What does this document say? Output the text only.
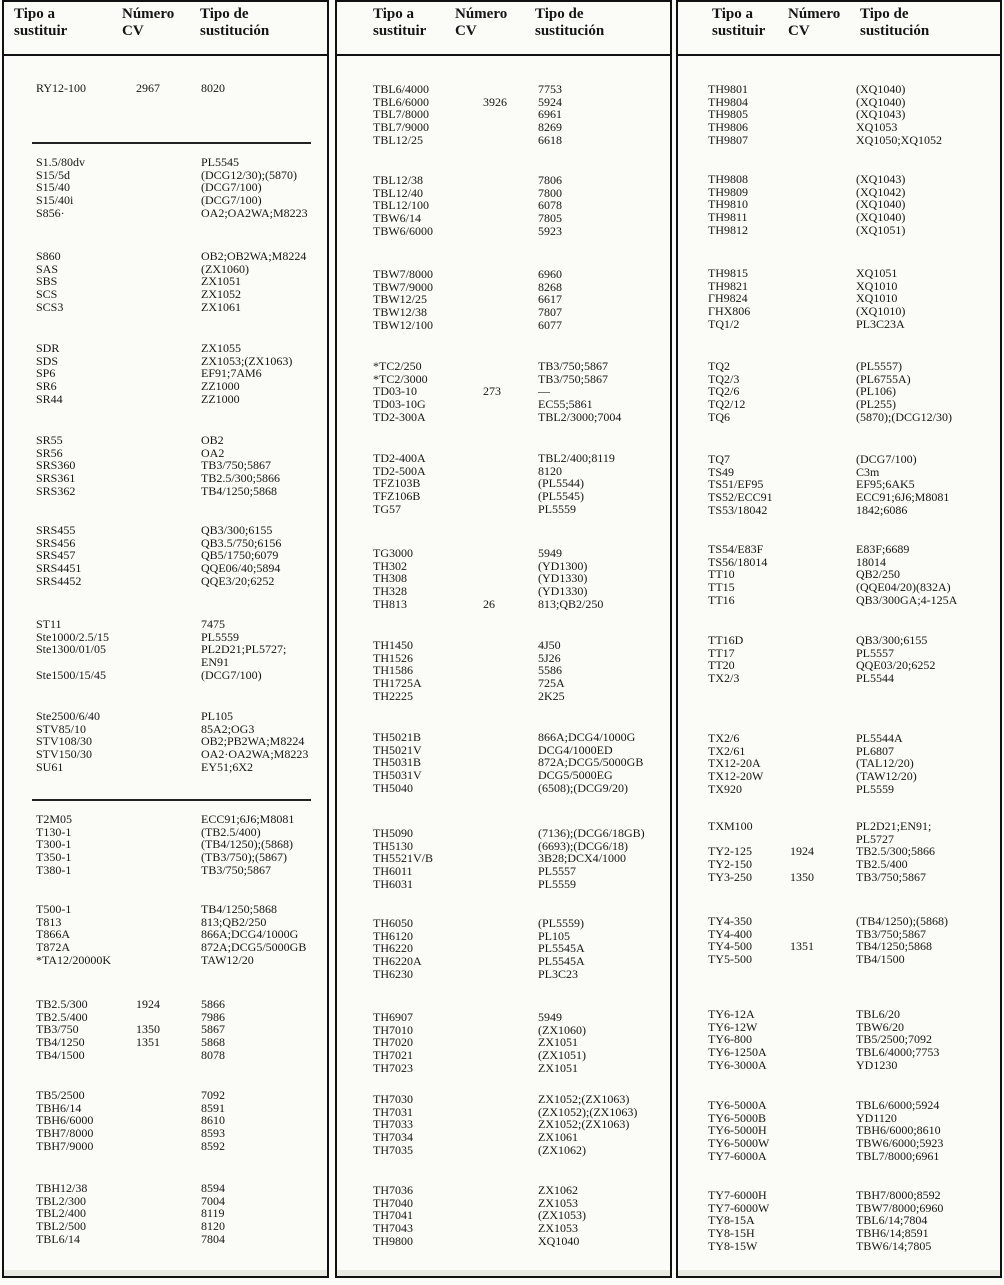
Tipo a
sustituir
Número
CV
Tipo de
sustitución
RY12-100	2967	8020
S1.5/80dv	PL5545
S15/5d	(DCG12/30);(5870)
S15/40	(DCG7/100)
S15/40i	(DCG7/100)
S856·	OA2;OA2WA;M8223
S860	OB2;OB2WA;M8224
SAS	(ZX1060)
SBS	ZX1051
SCS	ZX1052
SCS3	ZX1061
SDR	ZX1055
SDS	ZX1053;(ZX1063)
SP6	EF91;7AM6
SR6	ZZ1000
SR44	ZZ1000
SR55	OB2
SR56	OA2
SRS360	TB3/750;5867
SRS361	TB2.5/300;5866
SRS362	TB4/1250;5868
SRS455	QB3/300;6155
SRS456	QB3.5/750;6156
SRS457	QB5/1750;6079
SRS4451	QQE06/40;5894
SRS4452	QQE3/20;6252
ST11	7475
Ste1000/2.5/15	PL5559
Ste1300/01/05	PL2D21;PL5727;
EN91
Ste1500/15/45	(DCG7/100)
Ste2500/6/40	PL105
STV85/10	85A2;OG3
STV108/30	OB2;PB2WA;M8224
STV150/30	OA2·OA2WA;M8223
SU61	EY51;6X2
T2M05	ECC91;6J6;M8081
T130-1	(TB2.5/400)
T300-1	(TB4/1250);(5868)
T350-1	(TB3/750);(5867)
T380-1	TB3/750;5867
T500-1	TB4/1250;5868
T813	813;QB2/250
T866A	866A;DCG4/1000G
T872A	872A;DCG5/5000GB
*TA12/20000K	TAW12/20
TB2.5/300	1924	5866
TB2.5/400	7986
TB3/750	1350	5867
TB4/1250	1351	5868
TB4/1500	8078
TB5/2500	7092
TBH6/14	8591
TBH6/6000	8610
TBH7/8000	8593
TBH7/9000	8592
TBH12/38	8594
TBL2/300	7004
TBL2/400	8119
TBL2/500	8120
TBL6/14	7804
Tipo a
sustituir
Número
CV
Tipo de
sustitución
TBL6/4000	7753
TBL6/6000	3926	5924
TBL7/8000	6961
TBL7/9000	8269
TBL12/25	6618
TBL12/38	7806
TBL12/40	7800
TBL12/100	6078
TBW6/14	7805
TBW6/6000	5923
TBW7/8000	6960
TBW7/9000	8268
TBW12/25	6617
TBW12/38	7807
TBW12/100	6077
*TC2/250	TB3/750;5867
*TC2/3000	TB3/750;5867
TD03-10	273	—
TD03-10G	EC55;5861
TD2-300A	TBL2/3000;7004
TD2-400A	TBL2/400;8119
TD2-500A	8120
TFZ103B	(PL5544)
TFZ106B	(PL5545)
TG57	PL5559
TG3000	5949
TH302	(YD1300)
TH308	(YD1330)
TH328	(YD1330)
TH813	26	813;QB2/250
TH1450	4J50
TH1526	5J26
TH1586	5586
TH1725A	725A
TH2225	2K25
TH5021B	866A;DCG4/1000G
TH5021V	DCG4/1000ED
TH5031B	872A;DCG5/5000GB
TH5031V	DCG5/5000EG
TH5040	(6508);(DCG9/20)
TH5090	(7136);(DCG6/18GB)
TH5130	(6693);(DCG6/18)
TH5521V/B	3B28;DCX4/1000
TH6011	PL5557
TH6031	PL5559
TH6050	(PL5559)
TH6120	PL105
TH6220	PL5545A
TH6220A	PL5545A
TH6230	PL3C23
TH6907	5949
TH7010	(ZX1060)
TH7020	ZX1051
TH7021	(ZX1051)
TH7023	ZX1051
TH7030	ZX1052;(ZX1063)
TH7031	(ZX1052);(ZX1063)
TH7033	ZX1052;(ZX1063)
TH7034	ZX1061
TH7035	(ZX1062)
TH7036	ZX1062
TH7040	ZX1053
TH7041	(ZX1053)
TH7043	ZX1053
TH9800	XQ1040
Tipo a
sustituir
Número
CV
Tipo de
sustitución
TH9801	(XQ1040)
TH9804	(XQ1040)
TH9805	(XQ1043)
TH9806	XQ1053
TH9807	XQ1050;XQ1052
TH9808	(XQ1043)
TH9809	(XQ1042)
TH9810	(XQ1040)
TH9811	(XQ1040)
TH9812	(XQ1051)
TH9815	XQ1051
TH9821	XQ1010
ΓH9824	XQ1010
ΓHX806	(XQ1010)
TQ1/2	PL3C23A
TQ2	(PL5557)
TQ2/3	(PL6755A)
TQ2/6	(PL106)
TQ2/12	(PL255)
TQ6	(5870);(DCG12/30)
TQ7	(DCG7/100)
TS49	C3m
TS51/EF95	EF95;6AK5
TS52/ECC91	ECC91;6J6;M8081
TS53/18042	1842;6086
TS54/E83F	E83F;6689
TS56/18014	18014
TT10	QB2/250
TT15	(QQE04/20)(832A)
TT16	QB3/300GA;4-125A
TT16D	QB3/300;6155
TT17	PL5557
TT20	QQE03/20;6252
TX2/3	PL5544
TX2/6	PL5544A
TX2/61	PL6807
TX12-20A	(TAL12/20)
TX12-20W	(TAW12/20)
TX920	PL5559
TXM100	PL2D21;EN91;
PL5727
TY2-125	1924	TB2.5/300;5866
TY2-150	TB2.5/400
TY3-250	1350	TB3/750;5867
TY4-350	(TB4/1250);(5868)
TY4-400	TB3/750;5867
TY4-500	1351	TB4/1250;5868
TY5-500	TB4/1500
TY6-12A	TBL6/20
TY6-12W	TBW6/20
TY6-800	TB5/2500;7092
TY6-1250A	TBL6/4000;7753
TY6-3000A	YD1230
TY6-5000A	TBL6/6000;5924
TY6-5000B	YD1120
TY6-5000H	TBH6/6000;8610
TY6-5000W	TBW6/6000;5923
TY7-6000A	TBL7/8000;6961
TY7-6000H	TBH7/8000;8592
TY7-6000W	TBW7/8000;6960
TY8-15A	TBL6/14;7804
TY8-15H	TBH6/14;8591
TY8-15W	TBW6/14;7805
